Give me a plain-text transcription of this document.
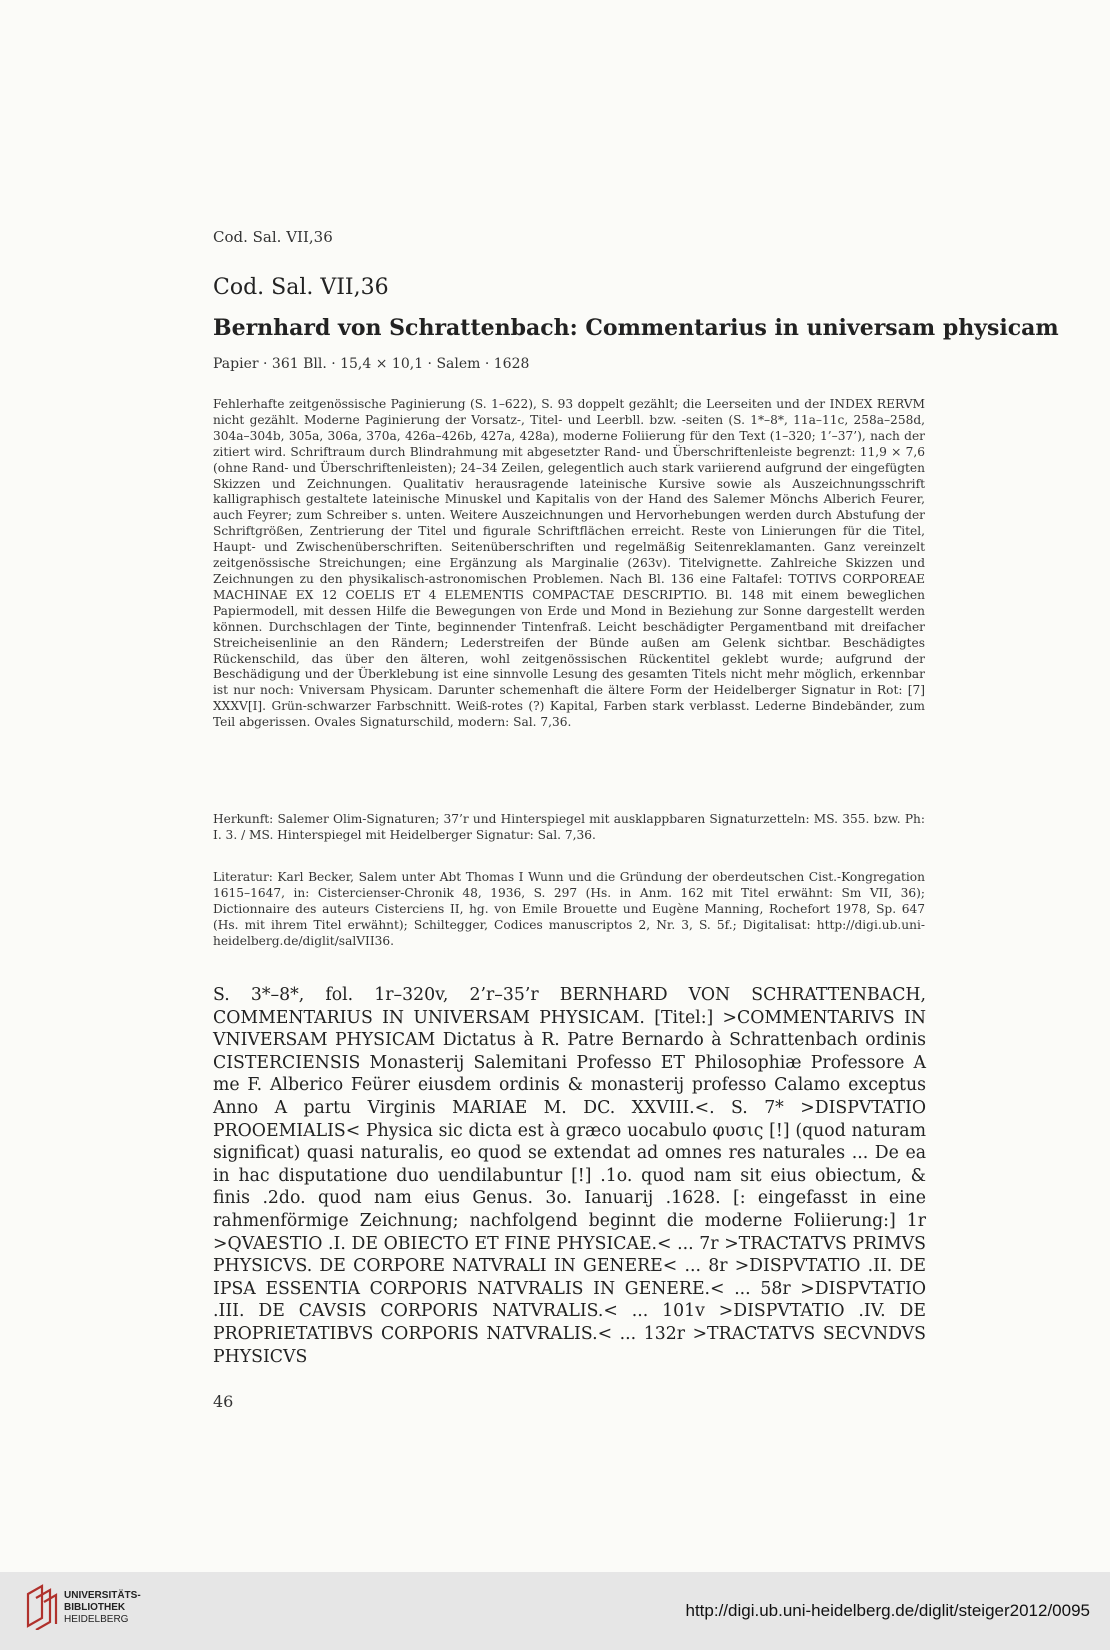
Cod. Sal. VII,36
Cod. Sal. VII,36
Bernhard von Schrattenbach: Commentarius in universam physicam
Papier · 361 Bll. · 15,4 × 10,1 · Salem · 1628

Fehlerhafte zeitgenössische Paginierung (S. 1–622), S. 93 doppelt gezählt; die Leerseiten und der INDEX RERVM nicht gezählt. Moderne Paginierung der Vorsatz-, Titel- und Leerbll. bzw. -seiten (S. 1*–8*, 11a–11c, 258a–258d, 304a–304b, 305a, 306a, 370a, 426a–426b, 427a, 428a), moderne Foliierung für den Text (1–320; 1’–37’), nach der zitiert wird. Schriftraum durch Blindrahmung mit abgesetzter Rand- und Überschriftenleiste begrenzt: 11,9 × 7,6 (ohne Rand- und Überschriftenleisten); 24–34 Zeilen, gelegentlich auch stark variierend aufgrund der eingefügten Skizzen und Zeichnungen. Qualitativ herausragende lateinische Kursive sowie als Auszeichnungsschrift kalligraphisch gestaltete lateinische Minuskel und Kapitalis von der Hand des Salemer Mönchs Alberich Feurer, auch Feyrer; zum Schreiber s. unten. Weitere Auszeichnungen und Hervorhebungen werden durch Abstufung der Schriftgrößen, Zentrierung der Titel und figurale Schriftflächen erreicht. Reste von Linierungen für die Titel, Haupt- und Zwischenüberschriften. Seitenüberschriften und regelmäßig Seitenreklamanten. Ganz vereinzelt zeitgenössische Streichungen; eine Ergänzung als Marginalie (263v). Titelvignette. Zahlreiche Skizzen und Zeichnungen zu den physikalisch-astronomischen Problemen. Nach Bl. 136 eine Faltafel: TOTIVS CORPOREAE MACHINAE EX 12 COELIS ET 4 ELEMENTIS COMPACTAE DESCRIPTIO. Bl. 148 mit einem beweglichen Papiermodell, mit dessen Hilfe die Bewegungen von Erde und Mond in Beziehung zur Sonne dargestellt werden können. Durchschlagen der Tinte, beginnender Tintenfraß. Leicht beschädigter Pergamentband mit dreifacher Streicheisenlinie an den Rändern; Lederstreifen der Bünde außen am Gelenk sichtbar. Beschädigtes Rückenschild, das über den älteren, wohl zeitgenössischen Rückentitel geklebt wurde; aufgrund der Beschädigung und der Überklebung ist eine sinnvolle Lesung des gesamten Titels nicht mehr möglich, erkennbar ist nur noch: Vniversam Physicam. Darunter schemenhaft die ältere Form der Heidelberger Signatur in Rot: [7] XXXV[I]. Grün-schwarzer Farbschnitt. Weiß-rotes (?) Kapital, Farben stark verblasst. Lederne Bindebänder, zum Teil abgerissen. Ovales Signaturschild, modern: Sal. 7,36.

Herkunft: Salemer Olim-Signaturen; 37’r und Hinterspiegel mit ausklappbaren Signaturzetteln: MS. 355. bzw. Ph: I. 3. / MS. Hinterspiegel mit Heidelberger Signatur: Sal. 7,36.

Literatur: Karl Becker, Salem unter Abt Thomas I Wunn und die Gründung der oberdeutschen Cist.-Kongregation 1615–1647, in: Cistercienser-Chronik 48, 1936, S. 297 (Hs. in Anm. 162 mit Titel erwähnt: Sm VII, 36); Dictionnaire des auteurs Cisterciens II, hg. von Emile Brouette und Eugène Manning, Rochefort 1978, Sp. 647 (Hs. mit ihrem Titel erwähnt); Schiltegger, Codices manuscriptos 2, Nr. 3, S. 5f.; Digitalisat: http://digi.ub.uni-heidelberg.de/diglit/salVII36.

S. 3*–8*, fol. 1r–320v, 2’r–35’r BERNHARD VON SCHRATTENBACH, COMMENTARIUS IN UNIVERSAM PHYSICAM. [Titel:] >COMMENTARIVS IN VNIVERSAM PHYSICAM Dictatus à R. Patre Bernardo à Schrattenbach ordinis CISTERCIENSIS Monasterij Salemitani Professo ET Philosophiæ Professore A me F. Alberico Feürer eiusdem ordinis & monasterij professo Calamo exceptus Anno A partu Virginis MARIAE M. DC. XXVIII.<. S. 7* >DISPVTATIO PROOEMIALIS< Physica sic dicta est à græco uocabulo φυσις [!] (quod naturam significat) quasi naturalis, eo quod se extendat ad omnes res naturales ... De ea in hac disputatione duo uendilabuntur [!] .1o. quod nam sit eius obiectum, & finis .2do. quod nam eius Genus. 3o. Ianuarij .1628. [: eingefasst in eine rahmenförmige Zeichnung; nachfolgend beginnt die moderne Foliierung:] 1r >QVAESTIO .I. DE OBIECTO ET FINE PHYSICAE.< ... 7r >TRACTATVS PRIMVS PHYSICVS. DE CORPORE NATVRALI IN GENERE< ... 8r >DISPVTATIO .II. DE IPSA ESSENTIA CORPORIS NATVRALIS IN GENERE.< ... 58r >DISPVTATIO .III. DE CAVSIS CORPORIS NATVRALIS.< ... 101v >DISPVTATIO .IV. DE PROPRIETATIBVS CORPORIS NATVRALIS.< ... 132r >TRACTATVS SECVNDVS PHYSICVS

46
UNIVERSITÄTS-
BIBLIOTHEK
HEIDELBERG	http://digi.ub.uni-heidelberg.de/diglit/steiger2012/0095
